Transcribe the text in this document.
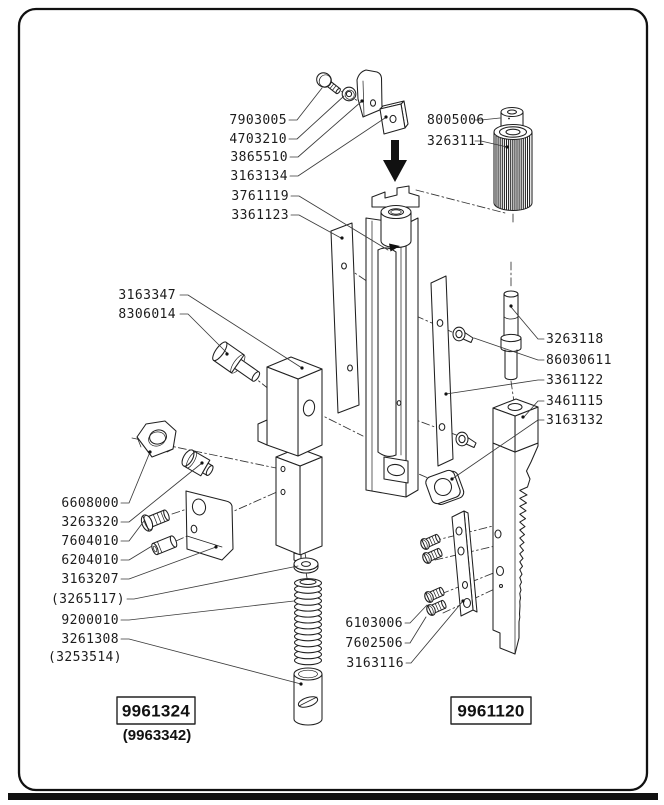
7903005
4703210
3865510
3163134
3761119
3361123
8005006
3263111
3163347
8306014
3263118
86030611
3361122
3461115
3163132
6608000
3263320
7604010
6204010
3163207
(3265117)
9200010
3261308
(3253514)
6103006
7602506
3163116
9961324
(9963342)
9961120
